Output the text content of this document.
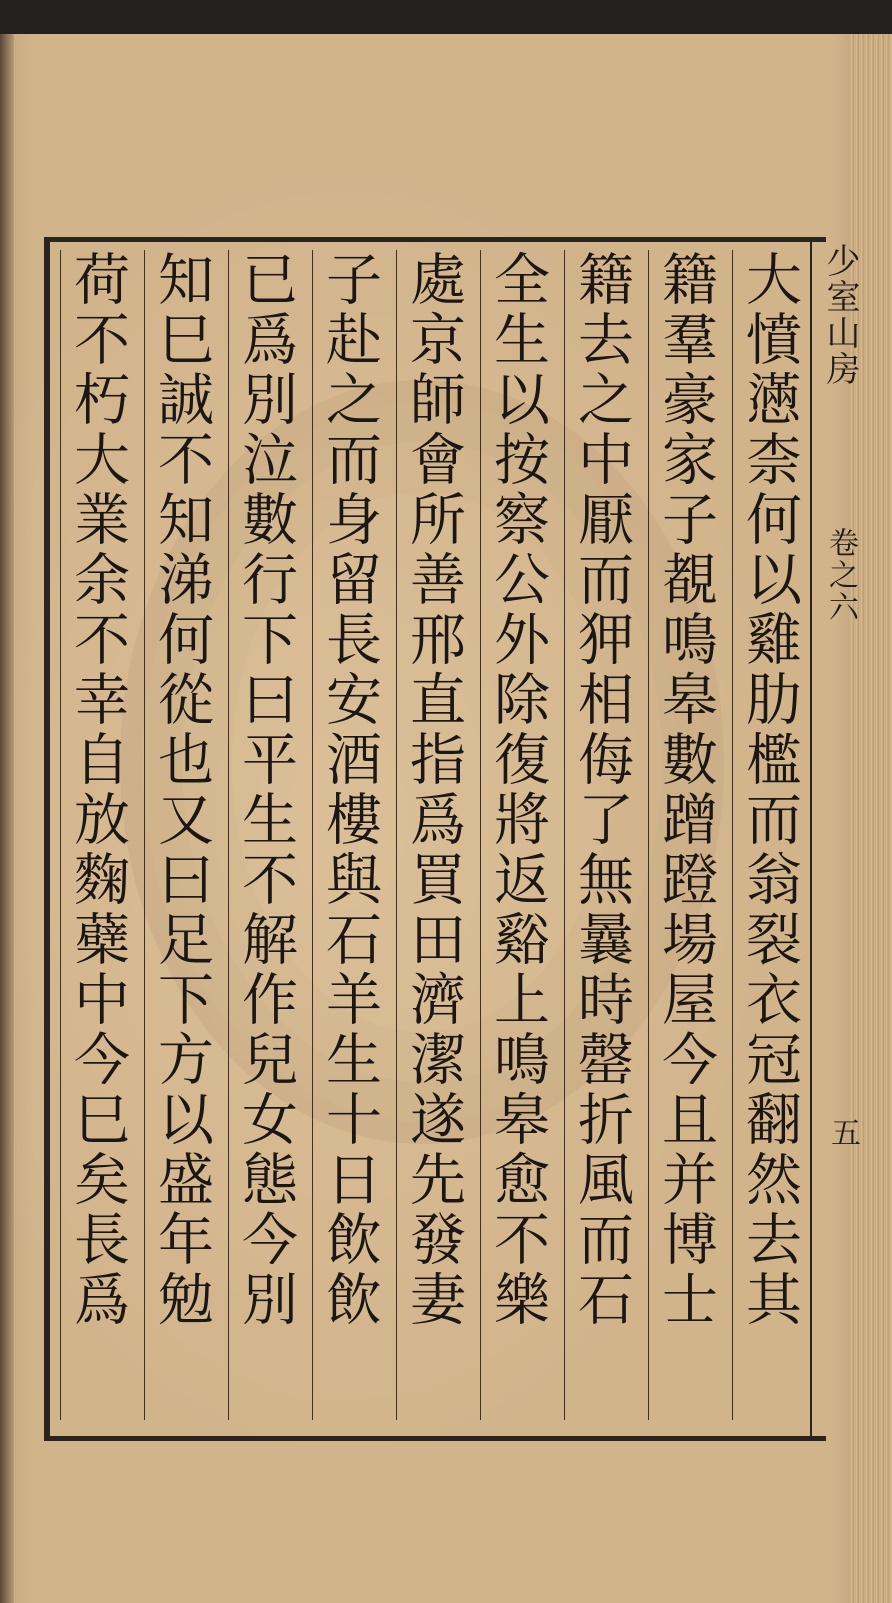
少室山房
卷之六
五
大憤懣柰何以雞肋檻而翁裂衣冠翻然去其
籍羣豪家子覩鳴皋數蹭蹬場屋今且并博士
籍去之中厭而狎相侮了無曩時罄折風而石
全生以按察公外除復將返谿上鳴皋愈不樂
處京師會所善邢直指爲買田濟潔遂先發妻
子赴之而身留長安酒樓與石羊生十日飲飲
已爲別泣數行下曰平生不解作兒女態今別
知巳誠不知涕何從也又曰足下方以盛年勉
荷不朽大業余不幸自放麴蘗中今巳矣長爲
